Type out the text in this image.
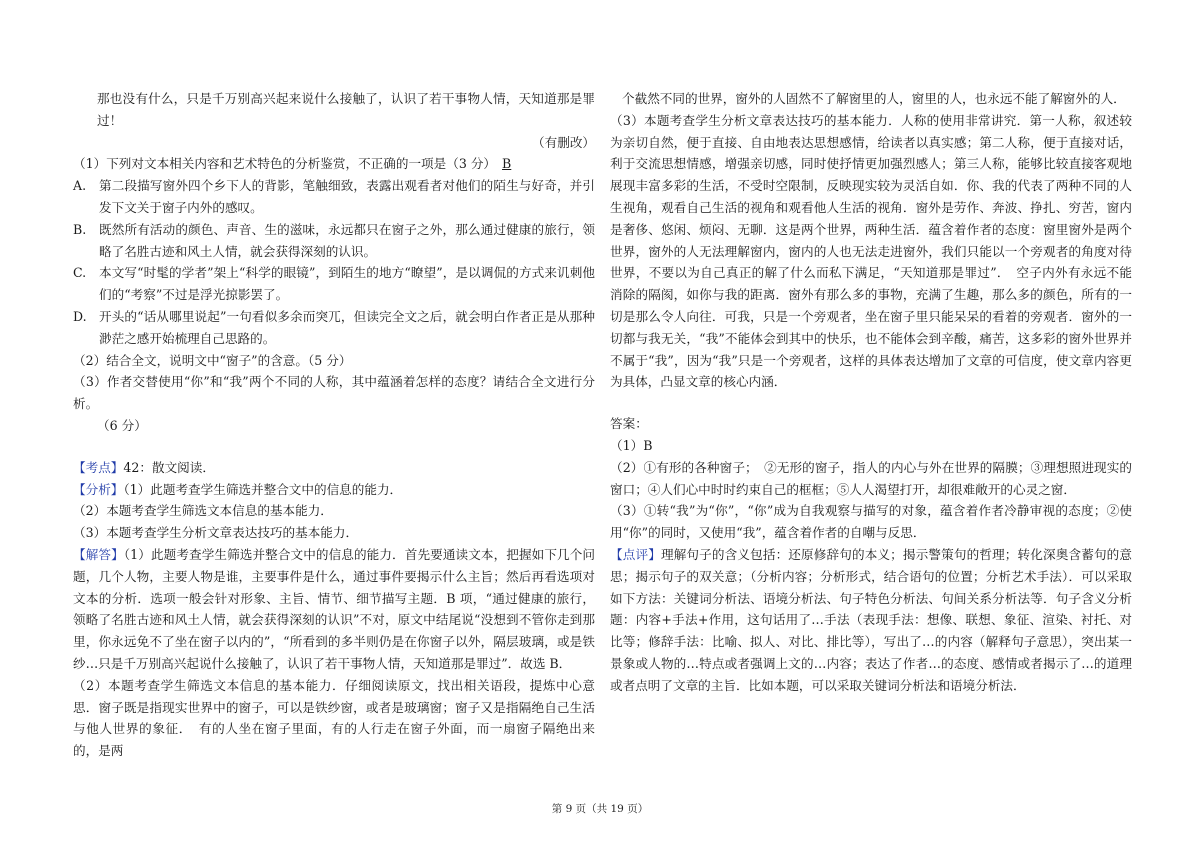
那也没有什么，只是千万别高兴起来说什么接触了，认识了若干事物人情，天知道那是罪过！

（有删改）

（1）下列对文本相关内容和艺术特色的分析鉴赏，不正确的一项是（3 分） B

A.	第二段描写窗外四个乡下人的背影，笔触细致，表露出观看者对他们的陌生与好奇，并引发下文关于窗子内外的感叹。
B.	既然所有活动的颜色、声音、生的滋味，永远都只在窗子之外，那么通过健康的旅行，领略了名胜古迹和风土人情，就会获得深刻的认识。
C.	本文写“时髦的学者”架上“科学的眼镜”，到陌生的地方“瞭望”，是以调侃的方式来讥刺他们的“考察”不过是浮光掠影罢了。
D. 开头的“话从哪里说起”一句看似多余而突兀，但读完全文之后，就会明白作者正是从那种渺茫之感开始梳理自己思路的。

（2）结合全文，说明文中“窗子”的含意。（5 分）

（3）作者交替使用“你”和“我”两个不同的人称，其中蕴涵着怎样的态度？请结合全文进行分析。

（6 分）

【考点】42：散文阅读．

【分析】（1）此题考查学生筛选并整合文中的信息的能力．

（2）本题考查学生筛选文本信息的基本能力．

（3）本题考查学生分析文章表达技巧的基本能力．

【解答】（1）此题考查学生筛选并整合文中的信息的能力．首先要通读文本，把握如下几个问题，几个人物，主要人物是谁，主要事件是什么，通过事件要揭示什么主旨；然后再看选项对文本的分析．选项一般会针对形象、主旨、情节、细节描写主题．B 项，“通过健康的旅行，领略了名胜古迹和风土人情，就会获得深刻的认识”不对，原文中结尾说“没想到不管你走到那里，你永远免不了坐在窗子以内的”，“所看到的多半则仍是在你窗子以外，隔层玻璃，或是铁纱…只是千万别高兴起说什么接触了，认识了若干事物人情，天知道那是罪过”．故选 B．

（2）本题考查学生筛选文本信息的基本能力．仔细阅读原文，找出相关语段，提炼中心意思．窗子既是指现实世界中的窗子，可以是铁纱窗，或者是玻璃窗；窗子又是指隔绝自己生活与他人世界的象征．　有的人坐在窗子里面，有的人行走在窗子外面，而一扇窗子隔绝出来的，是两

个截然不同的世界，窗外的人固然不了解窗里的人，窗里的人，也永远不能了解窗外的人．

（3）本题考查学生分析文章表达技巧的基本能力．人称的使用非常讲究．第一人称，叙述较为亲切自然，便于直接、自由地表达思想感情，给读者以真实感；第二人称，便于直接对话，利于交流思想情感，增强亲切感，同时使抒情更加强烈感人；第三人称，能够比较直接客观地展现丰富多彩的生活，不受时空限制，反映现实较为灵活自如．你、我的代表了两种不同的人生视角，观看自己生活的视角和观看他人生活的视角．窗外是劳作、奔波、挣扎、穷苦，窗内是奢侈、悠闲、烦闷、无聊．这是两个世界，两种生活．蕴含着作者的态度：窗里窗外是两个世界，窗外的人无法理解窗内，窗内的人也无法走进窗外，我们只能以一个旁观者的角度对待世界，不要以为自己真正的解了什么而私下满足，“天知道那是罪过”．　空子内外有永远不能消除的隔阂，如你与我的距离．窗外有那么多的事物，充满了生趣，那么多的颜色，所有的一切是那么令人向往．可我，只是一个旁观者，坐在窗子里只能呆呆的看着的旁观者．窗外的一切都与我无关，“我”不能体会到其中的快乐，也不能体会到辛酸，痛苦，这多彩的窗外世界并不属于“我”，因为“我”只是一个旁观者，这样的具体表达增加了文章的可信度，使文章内容更为具体，凸显文章的核心内涵．

答案：

（1）B

（2）①有形的各种窗子；　②无形的窗子，指人的内心与外在世界的隔膜；③理想照进现实的窗口；④人们心中时时约束自己的框框；⑤人人渴望打开，却很难敞开的心灵之窗．

（3）①转“我”为“你”，“你”成为自我观察与描写的对象，蕴含着作者冷静审视的态度；②使用“你”的同时，又使用“我”，蕴含着作者的自嘲与反思．

【点评】理解句子的含义包括：还原修辞句的本义；揭示警策句的哲理；转化深奥含蓄句的意思；揭示句子的双关意；（分析内容；分析形式，结合语句的位置；分析艺术手法）．可以采取如下方法：关键词分析法、语境分析法、句子特色分析法、句间关系分析法等．句子含义分析题：内容+手法+作用，这句话用了…手法（表现手法：想像、联想、象征、渲染、衬托、对比等；修辞手法：比喻、拟人、对比、排比等），写出了…的内容（解释句子意思），突出某一景象或人物的…特点或者强调上文的…内容；表达了作者…的态度、感情或者揭示了…的道理或者点明了文章的主旨．比如本题，可以采取关键词分析法和语境分析法．

第 9 页（共 19 页）
